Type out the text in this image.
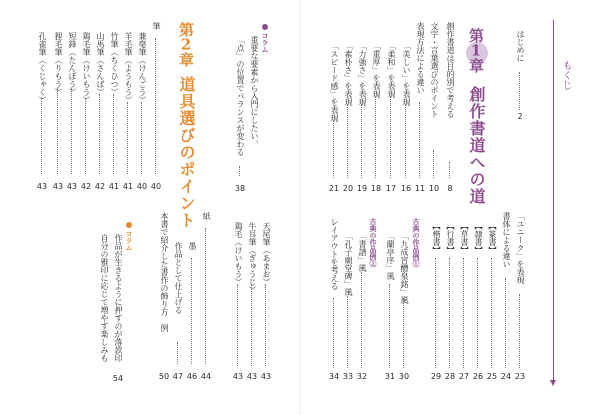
もくじ
はじめに
2
第1章
創作書道への道
創作書道は目的別で考える
8
文字・言葉選びのポイント
10
表現方法による違い
11
「美しい」を表現
16
「柔和」を表現
17
「重厚」を表現
18
「力強さ」を表現
19
「素朴さ」を表現
20
「スピード感」を表現
21
「ユニーク」を表現
23
書体による違い
24
【篆書】
25
【隷書】
26
【草書】
27
【行書】
28
【楷書】
29
古典の作品例①
「九成宮醴泉銘」風
30
「蘭亭序」風
31
古典の作品例②
「書譜」風
32
「孔子廟堂碑」風
33
レイアウトを考える
34
コラム
重要な要素から入門にしたい、
38
「点」の位置でバランスが変わる
第2章
道具選びのポイント
筆
40
兼毫筆（けんごう）
40
羊毛筆（ようもう）
41
竹筆（ちくひつ）
41
山馬筆（さんば）
42
鶏毛筆（けいもう）
42
短鋒（たんぽう）
43
狸毛筆（りもう）
43
孔雀筆（くじゃく）
43
天尾筆（あまお）
43
牛耳筆（ぎゅうじ）
43
鶏毛（けいもう）
43
紙
44
墨
46
作品として仕上げる
47
本書で紹介した書作の飾り方　例
50
コラム
作品が生きるように押すのが落款印
54
自分の雅印に応じて増やす楽しみも
